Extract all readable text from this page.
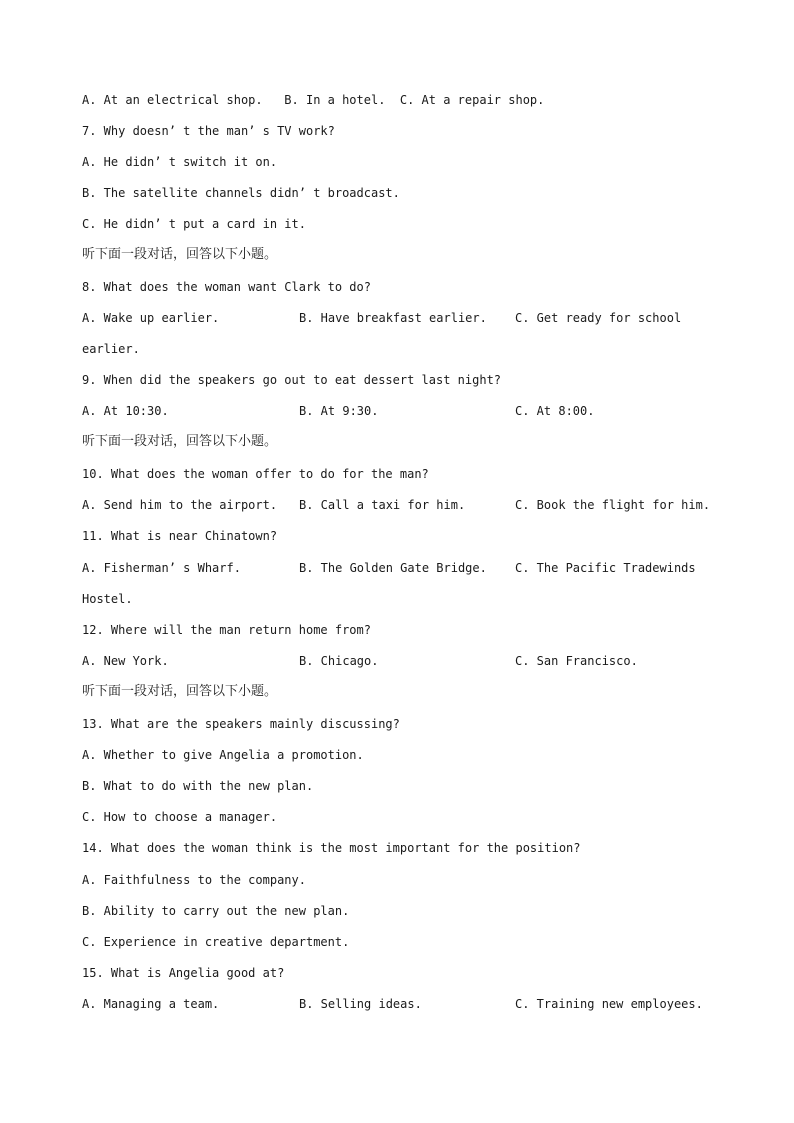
A. At an electrical shop.   B. In a hotel.  C. At a repair shop.
7. Why doesn’ t the man’ s TV work?
A. He didn’ t switch it on.
B. The satellite channels didn’ t broadcast.
C. He didn’ t put a card in it.
听下面一段对话，回答以下小题。
8. What does the woman want Clark to do?
A. Wake up earlier.	B. Have breakfast earlier. C. Get ready for school
earlier.
9. When did the speakers go out to eat dessert last night?
A. At 10:30.	B. At 9:30.	C. At 8:00.
听下面一段对话，回答以下小题。
10. What does the woman offer to do for the man?
A. Send him to the airport. B. Call a taxi for him.	C. Book the flight for him.
11. What is near Chinatown?
A. Fisherman’ s Wharf.	B. The Golden Gate Bridge. C. The Pacific Tradewinds
Hostel.
12. Where will the man return home from?
A. New York.	B. Chicago.	C. San Francisco.
听下面一段对话，回答以下小题。
13. What are the speakers mainly discussing?
A. Whether to give Angelia a promotion.
B. What to do with the new plan.
C. How to choose a manager.
14. What does the woman think is the most important for the position?
A. Faithfulness to the company.
B. Ability to carry out the new plan.
C. Experience in creative department.
15. What is Angelia good at?
A. Managing a team.	B. Selling ideas.	C. Training new employees.
